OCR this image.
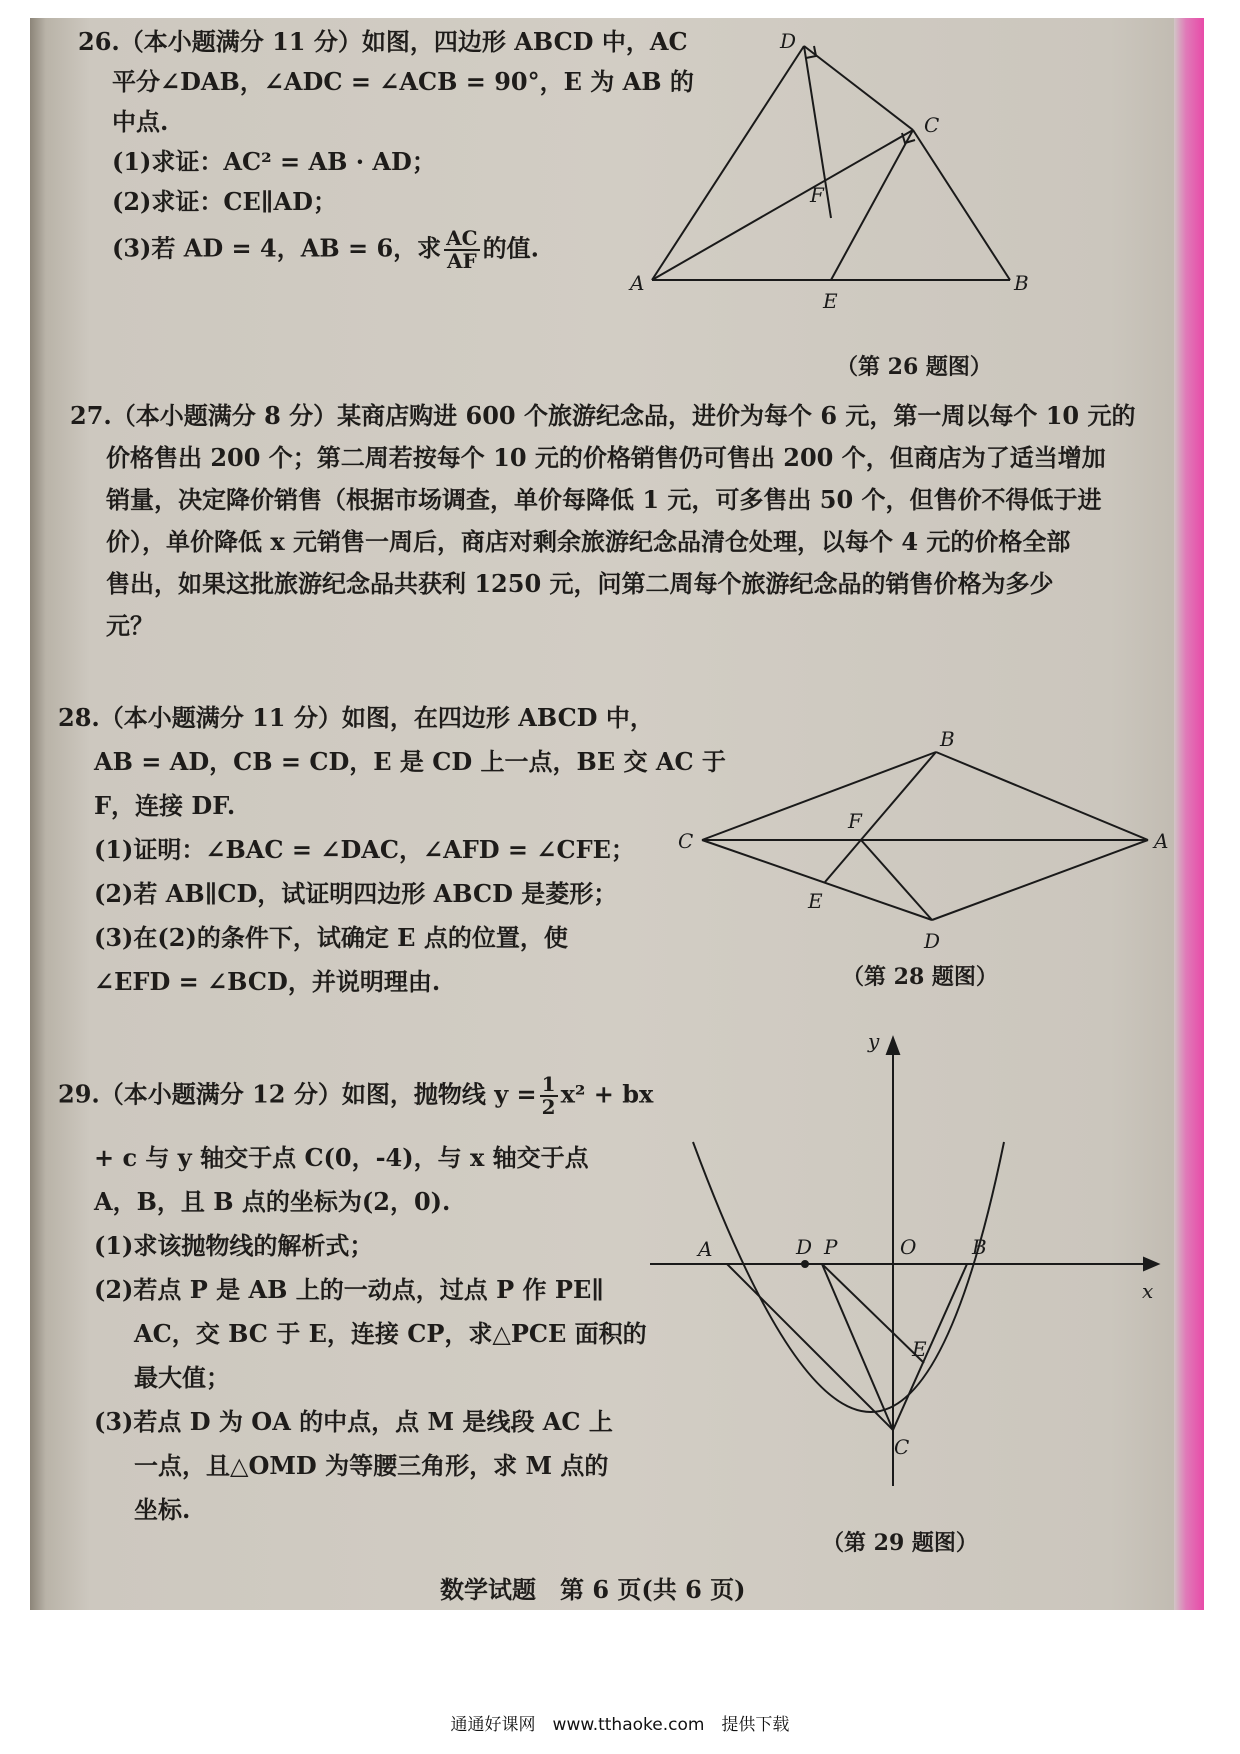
26.（本小题满分 11 分）如图，四边形 ABCD 中，AC
平分∠DAB，∠ADC = ∠ACB = 90°，E 为 AB 的
中点.
(1)求证：AC² = AB · AD；
(2)求证：CE∥AD；
(3)若 AD = 4，AB = 6，求 $\frac{AC}{AF}$ 的值.
D
C
F
A	B
E
（第 26 题图）
27.（本小题满分 8 分）某商店购进 600 个旅游纪念品，进价为每个 6 元，第一周以每个 10 元的
价格售出 200 个；第二周若按每个 10 元的价格销售仍可售出 200 个，但商店为了适当增加
销量，决定降价销售（根据市场调查，单价每降低 1 元，可多售出 50 个，但售价不得低于进
价），单价降低 x 元销售一周后，商店对剩余旅游纪念品清仓处理，以每个 4 元的价格全部
售出，如果这批旅游纪念品共获利 1250 元，问第二周每个旅游纪念品的销售价格为多少
元？
28.（本小题满分 11 分）如图，在四边形 ABCD 中，
AB = AD，CB = CD，E 是 CD 上一点，BE 交 AC 于
F，连接 DF.
(1)证明：∠BAC = ∠DAC，∠AFD = ∠CFE；
(2)若 AB∥CD，试证明四边形 ABCD 是菱形；
(3)在(2)的条件下，试确定 E 点的位置，使
∠EFD = ∠BCD，并说明理由.
B
C	A
F
E
D
（第 28 题图）
29.（本小题满分 12 分）如图，抛物线 $y = \frac{1}{2} x^2$ + bx
+ c 与 y 轴交于点 C(0，-4)，与 x 轴交于点
A，B，且 B 点的坐标为(2，0).
(1)求该抛物线的解析式；
(2)若点 P 是 AB 上的一动点，过点 P 作 PE∥
AC，交 BC 于 E，连接 CP，求△PCE 面积的
最大值；
(3)若点 D 为 OA 的中点，点 M 是线段 AC 上
一点，且△OMD 为等腰三角形，求 M 点的
坐标.
y
x
A	D P	O	B
E
C
（第 29 题图）
数学试题　第 6 页(共 6 页)
通通好课网　www.tthaoke.com　提供下载
